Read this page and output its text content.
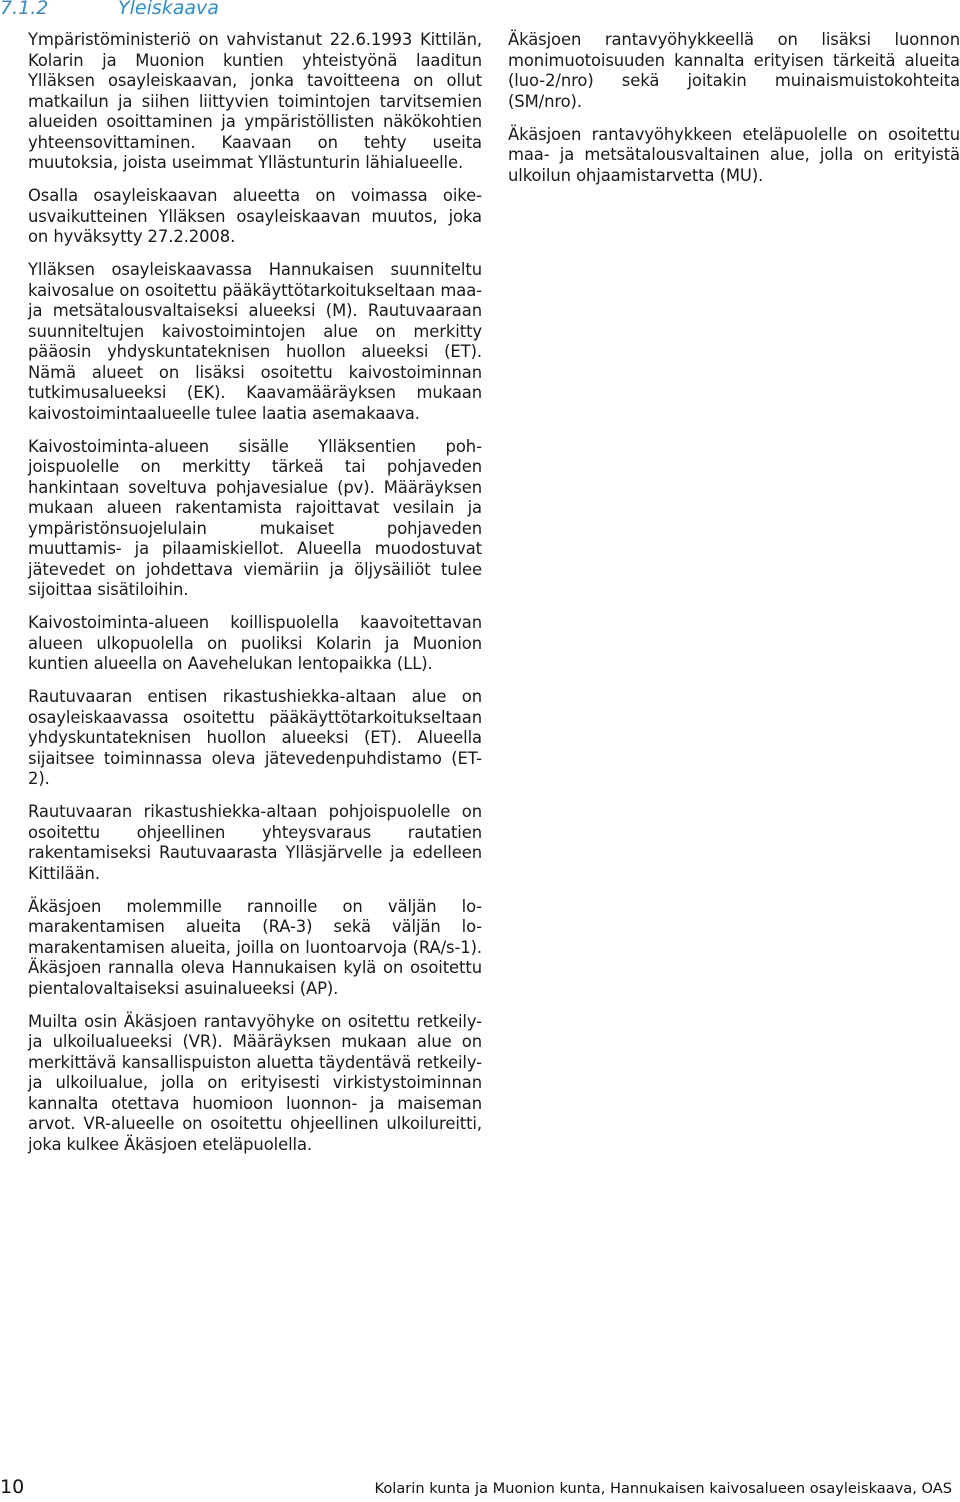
7.1.2	Yleiskaava

Ympäristöministeriö on vahvistanut 22.6.1993 Kittilän, Kolarin ja Muonion kuntien yhteistyönä laaditun Ylläksen osayleiskaavan, jonka tavoitteena on ollut matkailun ja siihen liittyvien toimintojen tarvitsemien alueiden osoittaminen ja ympäristöllisten näkökohtien yhteensovittaminen. Kaavaan on tehty useita muutoksia, joista useimmat Yllästunturin lähialueelle.

Osalla osayleiskaavan alueetta on voimassa oikeusvaikutteinen Ylläksen osayleiskaavan muutos, joka on hyväksytty 27.2.2008.

Ylläksen osayleiskaavassa Hannukaisen suunniteltu kaivosalue on osoitettu pääkäyttötarkoitukseltaan maa- ja metsätalousvaltaiseksi alueeksi (M). Rautuvaaraan suunniteltujen kaivostoimintojen alue on merkitty pääosin yhdyskuntateknisen huollon alueeksi (ET). Nämä alueet on lisäksi osoitettu kaivostoiminnan tutkimusalueeksi (EK). Kaavamääräyksen mukaan kaivostoimintaalueelle tulee laatia asemakaava.

Kaivostoiminta-alueen sisälle Ylläksentien pohjoispuolelle on merkitty tärkeä tai pohjaveden hankintaan soveltuva pohjavesialue (pv). Määräyksen mukaan alueen rakentamista rajoittavat vesilain ja ympäristönsuojelulain mukaiset pohjaveden muuttamis- ja pilaamiskiellot. Alueella muodostuvat jätevedet on johdettava viemäriin ja öljysäiliöt tulee sijoittaa sisätiloihin.

Kaivostoiminta-alueen koillispuolella kaavoitettavan alueen ulkopuolella on puoliksi Kolarin ja Muonion kuntien alueella on Aavehelukan lentopaikka (LL).

Rautuvaaran entisen rikastushiekka-altaan alue on osayleiskaavassa osoitettu pääkäyttötarkoitukseltaan yhdyskuntateknisen huollon alueeksi (ET). Alueella sijaitsee toiminnassa oleva jätevedenpuhdistamo (ET-2).

Rautuvaaran rikastushiekka-altaan pohjoispuolelle on osoitettu ohjeellinen yhteysvaraus rautatien rakentamiseksi Rautuvaarasta Ylläsjärvelle ja edelleen Kittilään.

Äkäsjoen molemmille rannoille on väljän lomarakentamisen alueita (RA-3) sekä väljän lomarakentamisen alueita, joilla on luontoarvoja (RA/s-1). Äkäsjoen rannalla oleva Hannukaisen kylä on osoitettu pientalovaltaiseksi asuinalueeksi (AP).

Muilta osin Äkäsjoen rantavyöhyke on ositettu retkeily- ja ulkoilualueeksi (VR). Määräyksen mukaan alue on merkittävä kansallispuiston aluetta täydentävä retkeily- ja ulkoilualue, jolla on erityisesti virkistystoiminnan kannalta otettava huomioon luonnon- ja maiseman arvot. VR-alueelle on osoitettu ohjeellinen ulkoilureitti, joka kulkee Äkäsjoen eteläpuolella.

Äkäsjoen rantavyöhykkeellä on lisäksi luonnon monimuotoisuuden kannalta erityisen tärkeitä alueita (luo-2/nro) sekä joitakin muinaismuistokohteita (SM/nro).

Äkäsjoen rantavyöhykkeen eteläpuolelle on osoitettu maa- ja metsätalousvaltainen alue, jolla on erityistä ulkoilun ohjaamistarvetta (MU).

10	Kolarin kunta ja Muonion kunta, Hannukaisen kaivosalueen osayleiskaava, OAS
